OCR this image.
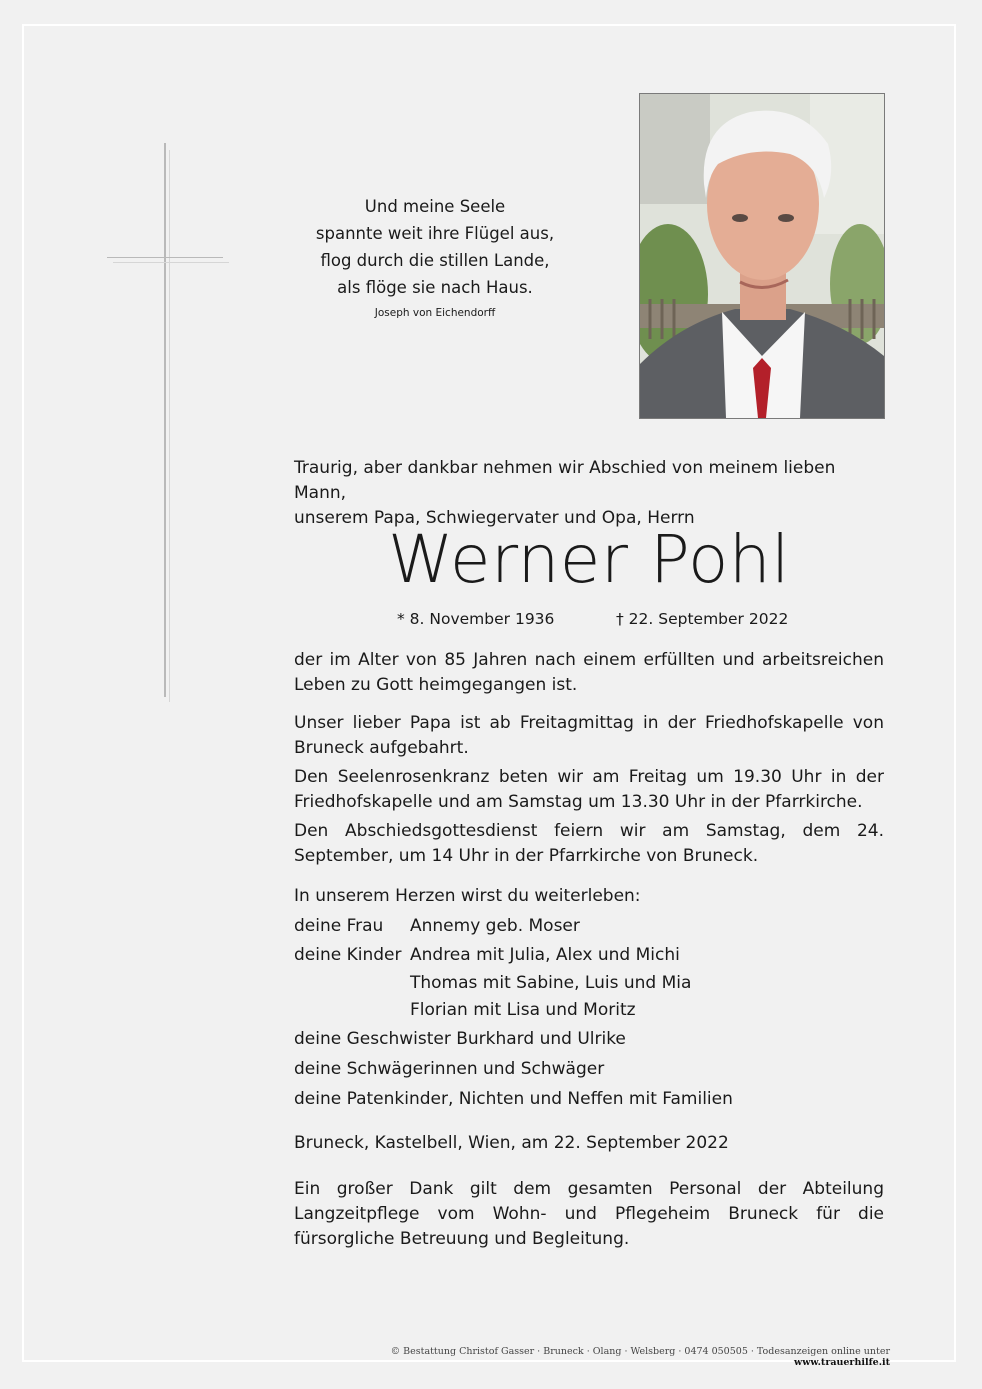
Und meine Seele
spannte weit ihre Flügel aus,
flog durch die stillen Lande,
als flöge sie nach Haus.
Joseph von Eichendorff
Traurig, aber dankbar nehmen wir Abschied von meinem lieben Mann,
unserem Papa, Schwiegervater und Opa, Herrn
Werner Pohl
* 8. November 1936	† 22. September 2022
der im Alter von 85 Jahren nach einem erfüllten und arbeitsreichen Leben zu Gott heimgegangen ist.
Unser lieber Papa ist ab Freitagmittag in der Friedhofskapelle von Bruneck aufgebahrt.
Den Seelenrosenkranz beten wir am Freitag um 19.30 Uhr in der Friedhofskapelle und am Samstag um 13.30 Uhr in der Pfarrkirche.
Den Abschiedsgottesdienst feiern wir am Samstag, dem 24. September, um 14 Uhr in der Pfarrkirche von Bruneck.
In unserem Herzen wirst du weiterleben:
deine Frau Annemy geb. Moser
deine Kinder Andrea mit Julia, Alex und Michi
Thomas mit Sabine, Luis und Mia
Florian mit Lisa und Moritz
deine Geschwister Burkhard und Ulrike
deine Schwägerinnen und Schwäger
deine Patenkinder, Nichten und Neffen mit Familien
Bruneck, Kastelbell, Wien, am 22. September 2022
Ein großer Dank gilt dem gesamten Personal der Abteilung Langzeitpflege vom Wohn- und Pflegeheim Bruneck für die fürsorgliche Betreuung und Begleitung.
© Bestattung Christof Gasser · Bruneck · Olang · Welsberg · 0474 050505 · Todesanzeigen online unter www.trauerhilfe.it
